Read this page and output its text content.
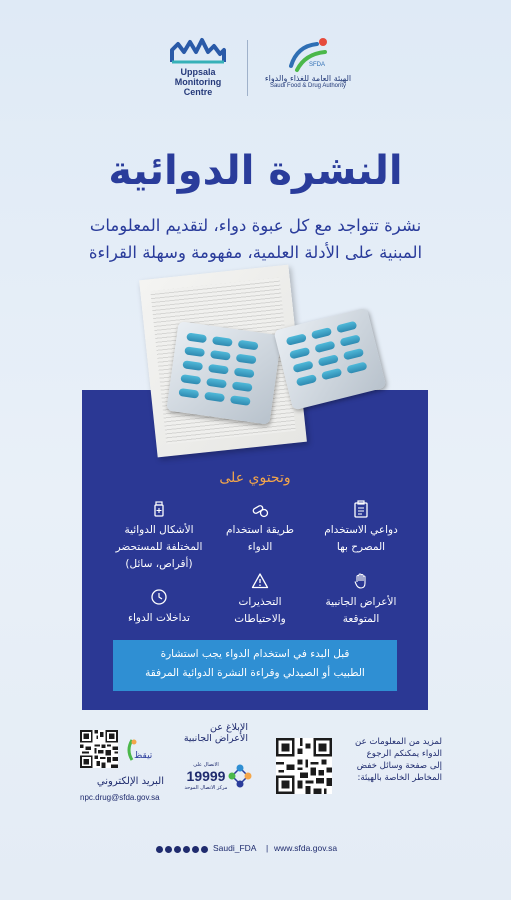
Uppsala
Monitoring
Centre
SFDA
الهيئة العامة للغذاء والدواء
Saudi Food & Drug Authority
النشرة الدوائية
نشرة تتواجد مع كل عبوة دواء، لتقديم المعلومات
المبنية على الأدلة العلمية، مفهومة وسهلة القراءة
وتحتوي على
دواعي الاستخدام
المصرح بها
طريقة استخدام
الدواء
الأشكال الدوائية
المختلفة للمستحضر
(أقراص، سائل)
الأعراض الجانبية
المتوقعة
التحذيرات
والاحتياطات
تداخلات الدواء
قبل البدء في استخدام الدواء يجب استشارة
الطبيب أو الصيدلي وقراءة النشرة الدوائية المرفقة
تيقظ
البريد الإلكتروني
npc.drug@sfda.gov.sa
الإبلاغ عن
الأعراض الجانبية
الاتصال على
19999
مركز الاتصال الموحد
لمزيد من المعلومات عن
الدواء يمكنكم الرجوع
إلى صفحة وسائل خفض
المخاطر الخاصة بالهيئة:
Saudi_FDA | www.sfda.gov.sa
